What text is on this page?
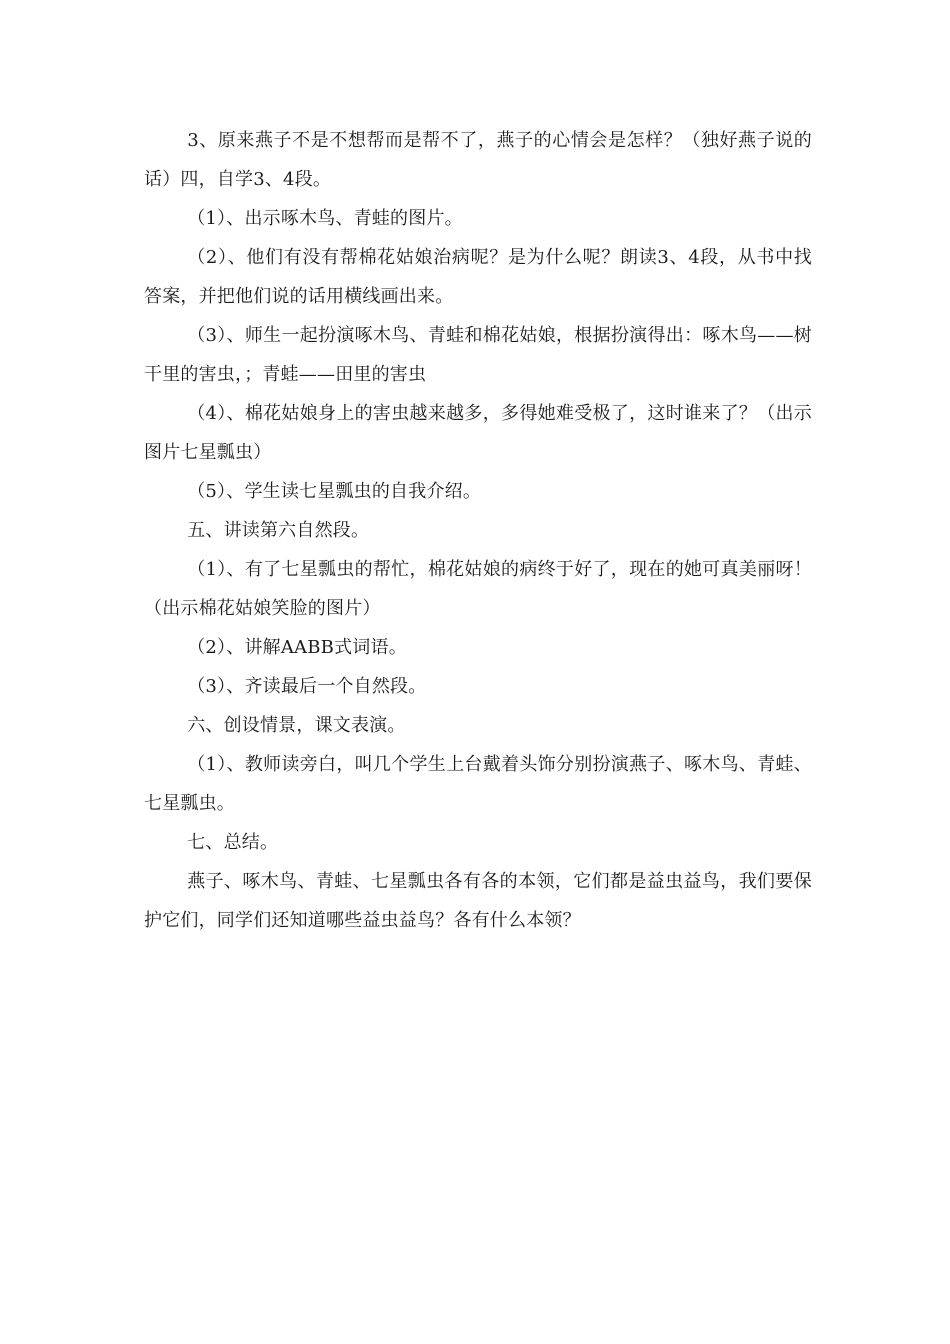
3、原来燕子不是不想帮而是帮不了，燕子的心情会是怎样？（独好燕子说的话）四，自学3、4段。

（1）、出示啄木鸟、青蛙的图片。

（2）、他们有没有帮棉花姑娘治病呢？是为什么呢？朗读3、4段，从书中找答案，并把他们说的话用横线画出来。

（3）、师生一起扮演啄木鸟、青蛙和棉花姑娘，根据扮演得出：啄木鸟——树干里的害虫，；青蛙——田里的害虫

（4）、棉花姑娘身上的害虫越来越多，多得她难受极了，这时谁来了？（出示图片七星瓢虫）

（5）、学生读七星瓢虫的自我介绍。

五、讲读第六自然段。

（1）、有了七星瓢虫的帮忙，棉花姑娘的病终于好了，现在的她可真美丽呀！（出示棉花姑娘笑脸的图片）

（2）、讲解AABB式词语。

（3）、齐读最后一个自然段。

六、创设情景，课文表演。

（1）、教师读旁白，叫几个学生上台戴着头饰分别扮演燕子、啄木鸟、青蛙、七星瓢虫。

七、总结。

燕子、啄木鸟、青蛙、七星瓢虫各有各的本领，它们都是益虫益鸟，我们要保护它们，同学们还知道哪些益虫益鸟？各有什么本领？
